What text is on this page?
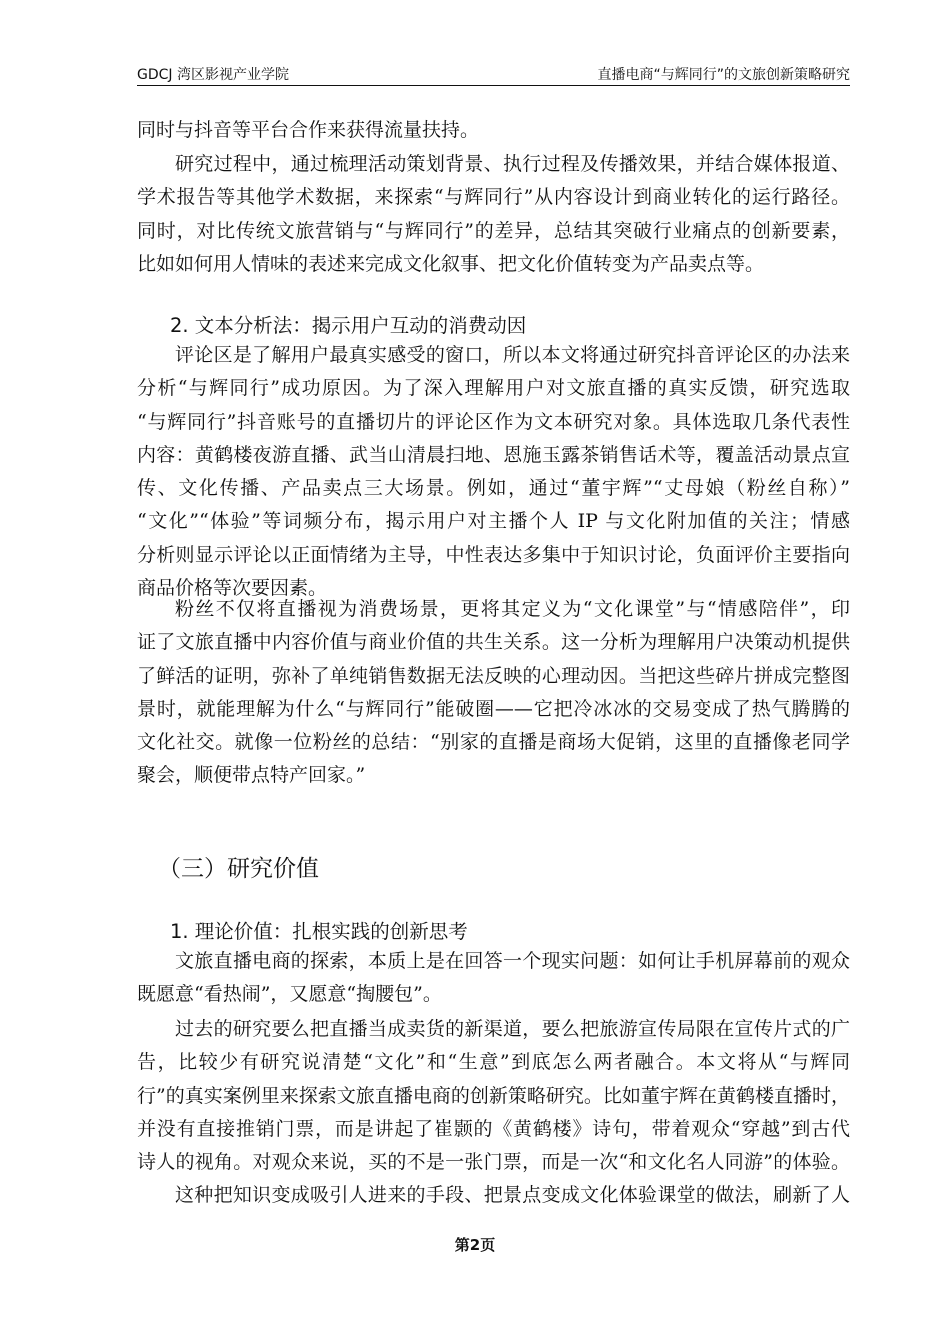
GDCJ 湾区影视产业学院	直播电商“与辉同行”的文旅创新策略研究
同时与抖音等平台合作来获得流量扶持。
研究过程中，通过梳理活动策划背景、执行过程及传播效果，并结合媒体报道、
学术报告等其他学术数据，来探索“与辉同行”从内容设计到商业转化的运行路径。
同时，对比传统文旅营销与“与辉同行”的差异，总结其突破行业痛点的创新要素，
比如如何用人情味的表述来完成文化叙事、把文化价值转变为产品卖点等。
2. 文本分析法：揭示用户互动的消费动因
评论区是了解用户最真实感受的窗口，所以本文将通过研究抖音评论区的办法来
分析“与辉同行”成功原因。为了深入理解用户对文旅直播的真实反馈，研究选取
“与辉同行”抖音账号的直播切片的评论区作为文本研究对象。具体选取几条代表性
内容：黄鹤楼夜游直播、武当山清晨扫地、恩施玉露茶销售话术等，覆盖活动景点宣
传、文化传播、产品卖点三大场景。例如，通过“董宇辉”“丈母娘（粉丝自称）”
“文化”“体验”等词频分布，揭示用户对主播个人 IP 与文化附加值的关注；情感
分析则显示评论以正面情绪为主导，中性表达多集中于知识讨论，负面评价主要指向
商品价格等次要因素。
粉丝不仅将直播视为消费场景，更将其定义为“文化课堂”与“情感陪伴”，印
证了文旅直播中内容价值与商业价值的共生关系。这一分析为理解用户决策动机提供
了鲜活的证明，弥补了单纯销售数据无法反映的心理动因。当把这些碎片拼成完整图
景时，就能理解为什么“与辉同行”能破圈——它把冷冰冰的交易变成了热气腾腾的
文化社交。就像一位粉丝的总结：“别家的直播是商场大促销，这里的直播像老同学
聚会，顺便带点特产回家。”
（三）研究价值
1. 理论价值：扎根实践的创新思考
文旅直播电商的探索，本质上是在回答一个现实问题：如何让手机屏幕前的观众
既愿意“看热闹”，又愿意“掏腰包”。
过去的研究要么把直播当成卖货的新渠道，要么把旅游宣传局限在宣传片式的广
告，比较少有研究说清楚“文化”和“生意”到底怎么两者融合。本文将从“与辉同
行”的真实案例里来探索文旅直播电商的创新策略研究。比如董宇辉在黄鹤楼直播时，
并没有直接推销门票，而是讲起了崔颢的《黄鹤楼》诗句，带着观众“穿越”到古代
诗人的视角。对观众来说，买的不是一张门票，而是一次“和文化名人同游”的体验。
这种把知识变成吸引人进来的手段、把景点变成文化体验课堂的做法，刷新了人
第2页
